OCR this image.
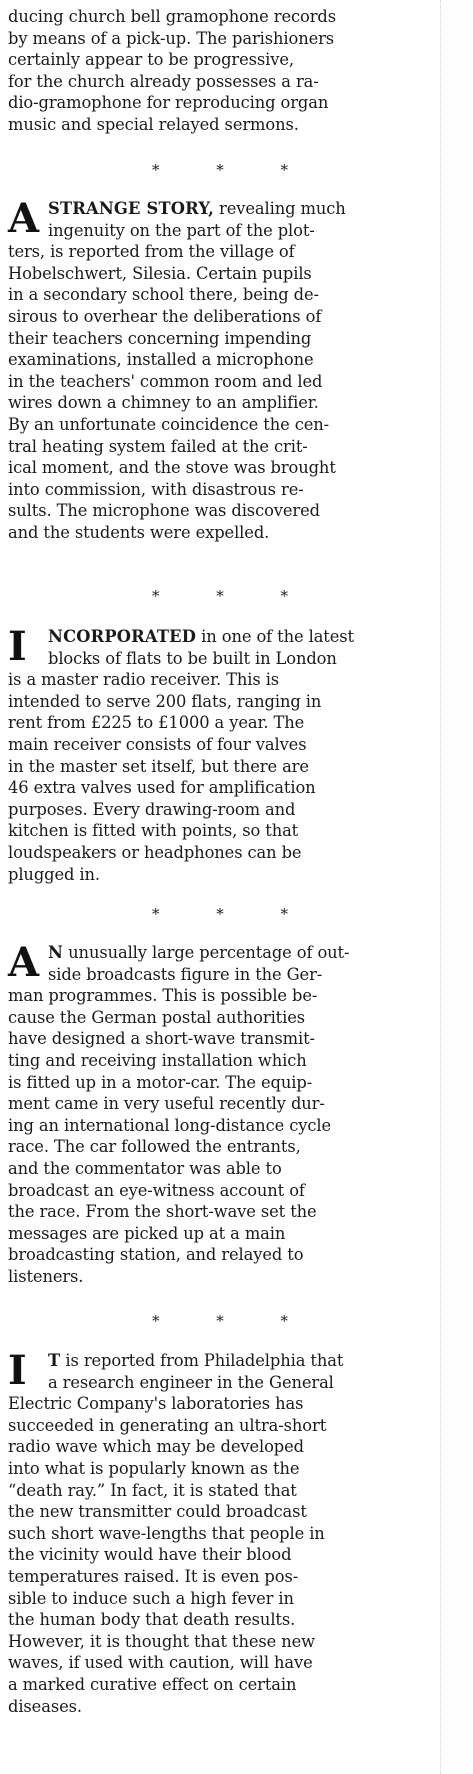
ducing church bell gramophone records
by means of a pick-up. The parishioners
certainly appear to be progressive,
for the church already possesses a ra-
dio-gramophone for reproducing organ
music and special relayed sermons.
* * *
A STRANGE STORY, revealing much
ingenuity on the part of the plot-
ters, is reported from the village of
Hobelschwert, Silesia. Certain pupils
in a secondary school there, being de-
sirous to overhear the deliberations of
their teachers concerning impending
examinations, installed a microphone
in the teachers' common room and led
wires down a chimney to an amplifier.
By an unfortunate coincidence the cen-
tral heating system failed at the crit-
ical moment, and the stove was brought
into commission, with disastrous re-
sults. The microphone was discovered
and the students were expelled.
* * *
I	NCORPORATED in one of the latest
blocks of flats to be built in London
is a master radio receiver. This is
intended to serve 200 flats, ranging in
rent from £225 to £1000 a year. The
main receiver consists of four valves
in the master set itself, but there are
46 extra valves used for amplification
purposes. Every drawing-room and
kitchen is fitted with points, so that
loudspeakers or headphones can be
plugged in.
* * *
A N unusually large percentage of out-
side broadcasts figure in the Ger-
man programmes. This is possible be-
cause the German postal authorities
have designed a short-wave transmit-
ting and receiving installation which
is fitted up in a motor-car. The equip-
ment came in very useful recently dur-
ing an international long-distance cycle
race. The car followed the entrants,
and the commentator was able to
broadcast an eye-witness account of
the race. From the short-wave set the
messages are picked up at a main
broadcasting station, and relayed to
listeners.
* * *
I	T is reported from Philadelphia that
a research engineer in the General
Electric Company's laboratories has
succeeded in generating an ultra-short
radio wave which may be developed
into what is popularly known as the
“death ray.” In fact, it is stated that
the new transmitter could broadcast
such short wave-lengths that people in
the vicinity would have their blood
temperatures raised. It is even pos-
sible to induce such a high fever in
the human body that death results.
However, it is thought that these new
waves, if used with caution, will have
a marked curative effect on certain
diseases.
